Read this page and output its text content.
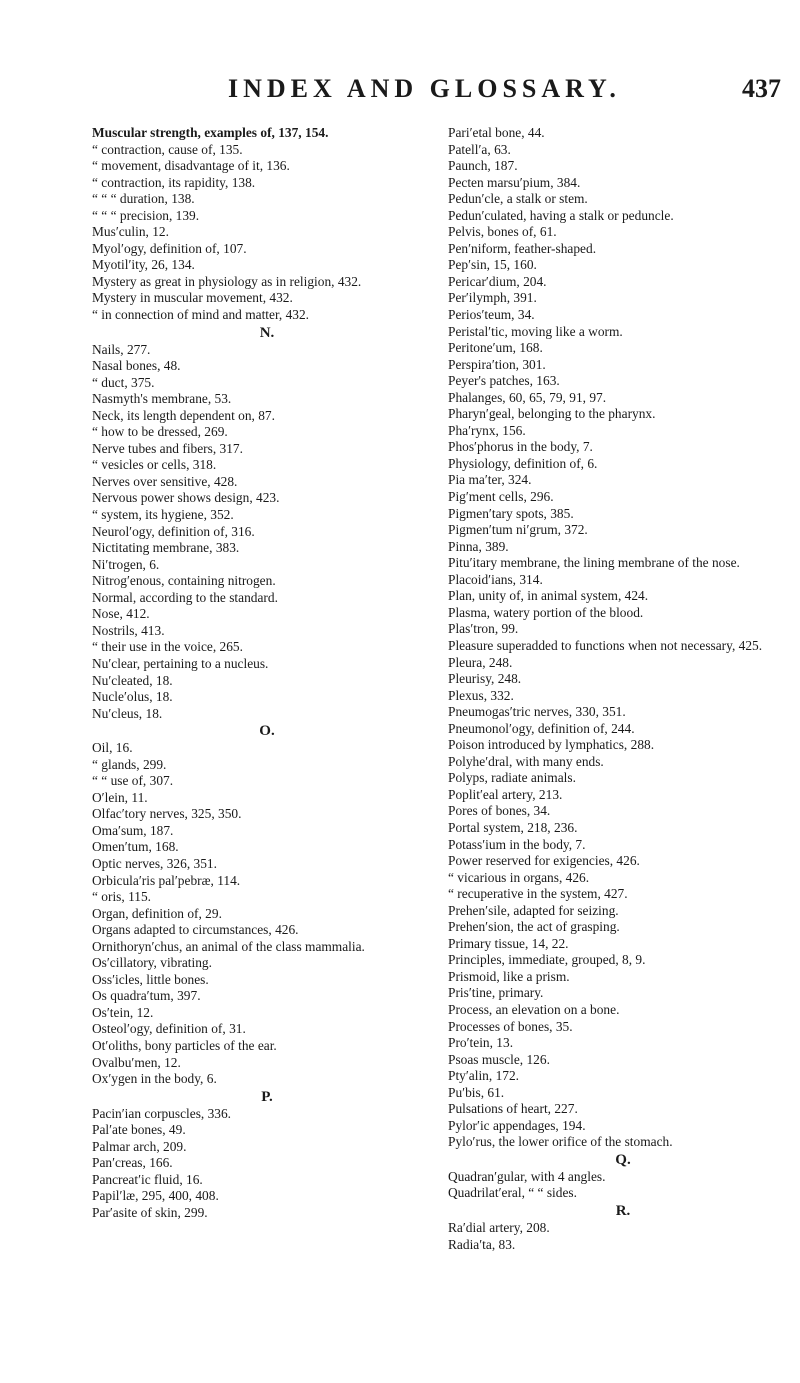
INDEX AND GLOSSARY.	437
Muscular strength, examples of, 137, 154.
“ contraction, cause of, 135.
“ movement, disadvantage of it, 136.
“ contraction, its rapidity, 138.
“ “ “ duration, 138.
“ “ “ precision, 139.
Mus′culin, 12.
Myol′ogy, definition of, 107.
Myotil′ity, 26, 134.
Mystery as great in physiology as in religion, 432.
Mystery in muscular movement, 432.
“ in connection of mind and matter, 432.
N.
Nails, 277.
Nasal bones, 48.
“ duct, 375.
Nasmyth's membrane, 53.
Neck, its length dependent on, 87.
“ how to be dressed, 269.
Nerve tubes and fibers, 317.
“ vesicles or cells, 318.
Nerves over sensitive, 428.
Nervous power shows design, 423.
“ system, its hygiene, 352.
Neurol′ogy, definition of, 316.
Nictitating membrane, 383.
Ni′trogen, 6.
Nitrog′enous, containing nitrogen.
Normal, according to the standard.
Nose, 412.
Nostrils, 413.
“ their use in the voice, 265.
Nu′clear, pertaining to a nucleus.
Nu′cleated, 18.
Nucle′olus, 18.
Nu′cleus, 18.
O.
Oil, 16.
“ glands, 299.
“ “ use of, 307.
O′lein, 11.
Olfac′tory nerves, 325, 350.
Oma′sum, 187.
Omen′tum, 168.
Optic nerves, 326, 351.
Orbicula′ris pal′pebræ, 114.
“ oris, 115.
Organ, definition of, 29.
Organs adapted to circumstances, 426.
Ornithoryn′chus, an animal of the class mammalia.
Os′cillatory, vibrating.
Oss′icles, little bones.
Os quadra′tum, 397.
Os′tein, 12.
Osteol′ogy, definition of, 31.
Ot′oliths, bony particles of the ear.
Ovalbu′men, 12.
Ox′ygen in the body, 6.
P.
Pacin′ian corpuscles, 336.
Pal′ate bones, 49.
Palmar arch, 209.
Pan′creas, 166.
Pancreat′ic fluid, 16.
Papil′læ, 295, 400, 408.
Par′asite of skin, 299.
Pari′etal bone, 44.
Patell′a, 63.
Paunch, 187.
Pecten marsu′pium, 384.
Pedun′cle, a stalk or stem.
Pedun′culated, having a stalk or peduncle.
Pelvis, bones of, 61.
Pen′niform, feather-shaped.
Pep′sin, 15, 160.
Pericar′dium, 204.
Per′ilymph, 391.
Perios′teum, 34.
Peristal′tic, moving like a worm.
Peritone′um, 168.
Perspira′tion, 301.
Peyer's patches, 163.
Phalanges, 60, 65, 79, 91, 97.
Pharyn′geal, belonging to the pharynx.
Pha′rynx, 156.
Phos′phorus in the body, 7.
Physiology, definition of, 6.
Pia ma′ter, 324.
Pig′ment cells, 296.
Pigmen′tary spots, 385.
Pigmen′tum ni′grum, 372.
Pinna, 389.
Pitu′itary membrane, the lining membrane of the nose.
Placoid′ians, 314.
Plan, unity of, in animal system, 424.
Plasma, watery portion of the blood.
Plas′tron, 99.
Pleasure superadded to functions when not necessary, 425.
Pleura, 248.
Pleurisy, 248.
Plexus, 332.
Pneumogas′tric nerves, 330, 351.
Pneumonol′ogy, definition of, 244.
Poison introduced by lymphatics, 288.
Polyhe′dral, with many ends.
Polyps, radiate animals.
Poplit′eal artery, 213.
Pores of bones, 34.
Portal system, 218, 236.
Potass′ium in the body, 7.
Power reserved for exigencies, 426.
“ vicarious in organs, 426.
“ recuperative in the system, 427.
Prehen′sile, adapted for seizing.
Prehen′sion, the act of grasping.
Primary tissue, 14, 22.
Principles, immediate, grouped, 8, 9.
Prismoid, like a prism.
Pris′tine, primary.
Process, an elevation on a bone.
Processes of bones, 35.
Pro′tein, 13.
Psoas muscle, 126.
Pty′alin, 172.
Pu′bis, 61.
Pulsations of heart, 227.
Pylor′ic appendages, 194.
Pylo′rus, the lower orifice of the stomach.
Q.
Quadran′gular, with 4 angles.
Quadrilat′eral, “ “ sides.
R.
Ra′dial artery, 208.
Radia′ta, 83.
